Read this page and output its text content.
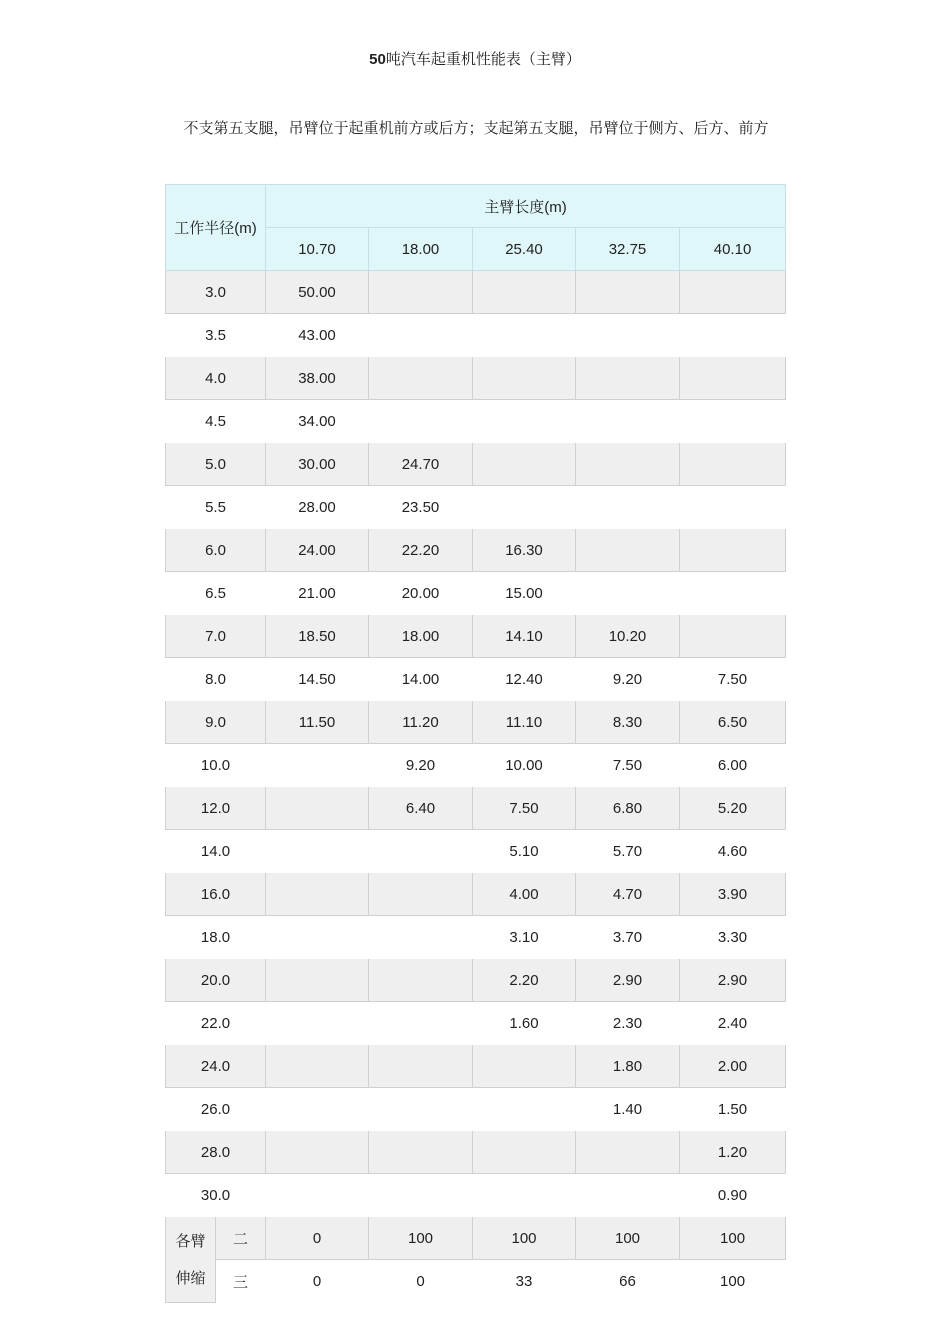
50吨汽车起重机性能表（主臂）
不支第五支腿，吊臂位于起重机前方或后方；支起第五支腿，吊臂位于侧方、后方、前方
工作半径(m)		主臂长度(m)				
		10.70	18.00	25.40	32.75	40.10
3.0		50.00				
3.5		43.00				
4.0		38.00				
4.5		34.00				
5.0		30.00	24.70			
5.5		28.00	23.50			
6.0		24.00	22.20	16.30		
6.5		21.00	20.00	15.00		
7.0		18.50	18.00	14.10	10.20	
8.0		14.50	14.00	12.40	9.20	7.50
9.0		11.50	11.20	11.10	8.30	6.50
10.0			9.20	10.00	7.50	6.00
12.0			6.40	7.50	6.80	5.20
14.0				5.10	5.70	4.60
16.0				4.00	4.70	3.90
18.0				3.10	3.70	3.30
20.0				2.20	2.90	2.90
22.0				1.60	2.30	2.40
24.0					1.80	2.00
26.0					1.40	1.50
28.0						1.20
30.0						0.90

各臂
伸缩	二	0	100	100	100	100
	三	0	0	33	66	100
